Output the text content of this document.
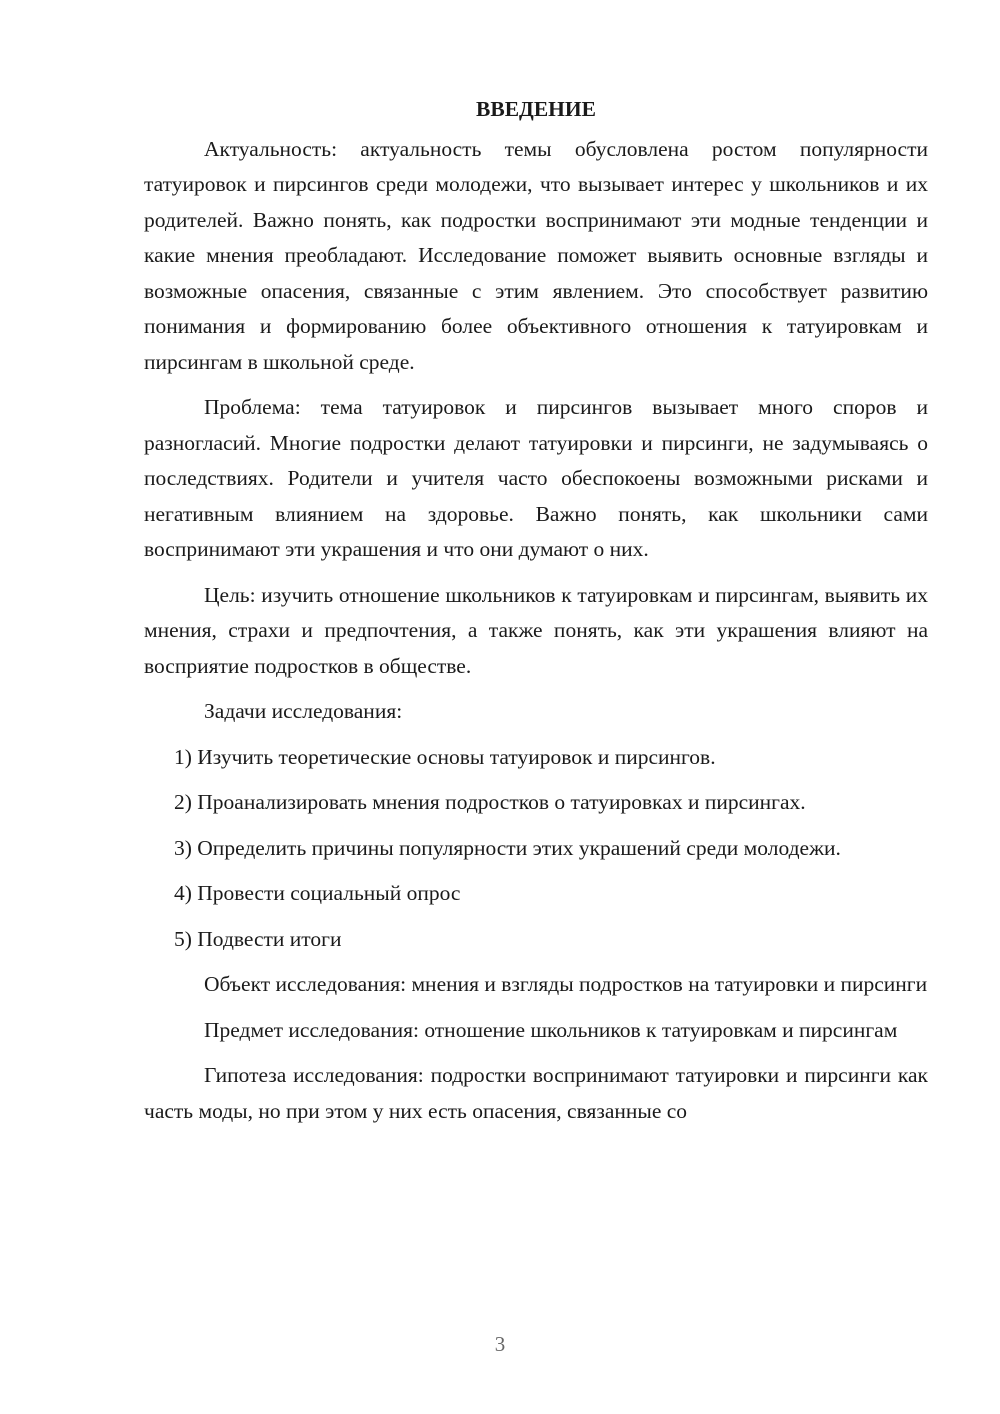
ВВЕДЕНИЕ

Актуальность: актуальность темы обусловлена ростом популярности татуировок и пирсингов среди молодежи, что вызывает интерес у школьников и их родителей. Важно понять, как подростки воспринимают эти модные тенденции и какие мнения преобладают. Исследование поможет выявить основные взгляды и возможные опасения, связанные с этим явлением. Это способствует развитию понимания и формированию более объективного отношения к татуировкам и пирсингам в школьной среде.

Проблема: тема татуировок и пирсингов вызывает много споров и разногласий. Многие подростки делают татуировки и пирсинги, не задумываясь о последствиях. Родители и учителя часто обеспокоены возможными рисками и негативным влиянием на здоровье. Важно понять, как школьники сами воспринимают эти украшения и что они думают о них.

Цель: изучить отношение школьников к татуировкам и пирсингам, выявить их мнения, страхи и предпочтения, а также понять, как эти украшения влияют на восприятие подростков в обществе.

Задачи исследования:

1) Изучить теоретические основы татуировок и пирсингов.

2) Проанализировать мнения подростков о татуировках и пирсингах.

3) Определить причины популярности этих украшений среди молодежи.

4) Провести социальный опрос

5) Подвести итоги

Объект исследования: мнения и взгляды подростков на татуировки и пирсинги

Предмет исследования: отношение школьников к татуировкам и пирсингам

Гипотеза исследования: подростки воспринимают татуировки и пирсинги как часть моды, но при этом у них есть опасения, связанные со

3
